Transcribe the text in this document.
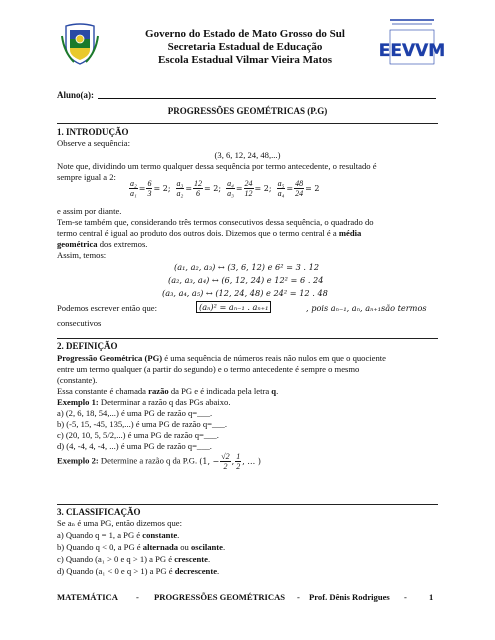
Governo do Estado de Mato Grosso do Sul
Secretaria Estadual de Educação
Escola Estadual Vilmar Vieira Matos	EEVVM
Aluno(a):
PROGRESSÕES GEOMÉTRICAS (P.G)
1. INTRODUÇÃO
Observe a sequência:
(3, 6, 12, 24, 48,...)
Note que, dividindo um termo qualquer dessa sequência por termo antecedente, o resultado é
sempre igual a 2:
$\frac{\text{a₂}}{\text{a₁}} = \frac{6}{3} = 2$; $\frac{\text{a₃}}{\text{a₂}} = \frac{12}{6} = 2$; $\frac{\text{a₄}}{\text{a₃}} = \frac{24}{12} = 2$; $\frac{\text{a₅}}{\text{a₄}} = \frac{48}{24} = 2$
e assim por diante.
Tem-se também que, considerando três termos consecutivos dessa sequência, o quadrado do
termo central é igual ao produto dos outros dois. Dizemos que o termo central é a média
geométrica dos extremos.
Assim, temos:
(a₁, a₂, a₃) ↔ (3, 6, 12) e 6² = 3 . 12
(a₂, a₃, a₄) ↔ (6, 12, 24) e 12² = 6 . 24
(a₃, a₄, a₅) ↔ (12, 24, 48) e 24² = 12 . 48
Podemos escrever então que:	(aₙ)² = aₙ₋₁ . aₙ₊₁	, pois aₙ₋₁, aₙ, aₙ₊₁são termos
consecutivos
2. DEFINIÇÃO
Progressão Geométrica (PG) é uma sequência de números reais não nulos em que o quociente
entre um termo qualquer (a partir do segundo) e o termo antecedente é sempre o mesmo
(constante).
Essa constante é chamada razão da PG e é indicada pela letra q.
Exemplo 1: Determinar a razão q das PGs abaixo.
a) (2, 6, 18, 54,...) é uma PG de razão q=___.
b) (-5, 15, -45, 135,...) é uma PG de razão q=___.
c) (20, 10, 5, 5/2,...) é uma PG de razão q=___.
d) (4, -4, 4, -4, ...) é uma PG de razão q=___.
Exemplo 2: Determine a razão q da P.G. (1, − $\frac{√2}{2}$ , $\frac{1}{2}$ , … )
3. CLASSIFICAÇÃO
Se aₙ é uma PG, então dizemos que:
a) Quando q = 1, a PG é constante.
b) Quando q < 0, a PG é alternada ou oscilante.
c) Quando (a₁ > 0 e q > 1) a PG é crescente.
d) Quando (a₁ < 0 e q > 1) a PG é decrescente.
MATEMÁTICA - PROGRESSÕES GEOMÉTRICAS - Prof. Dênis Rodrigues -	1
